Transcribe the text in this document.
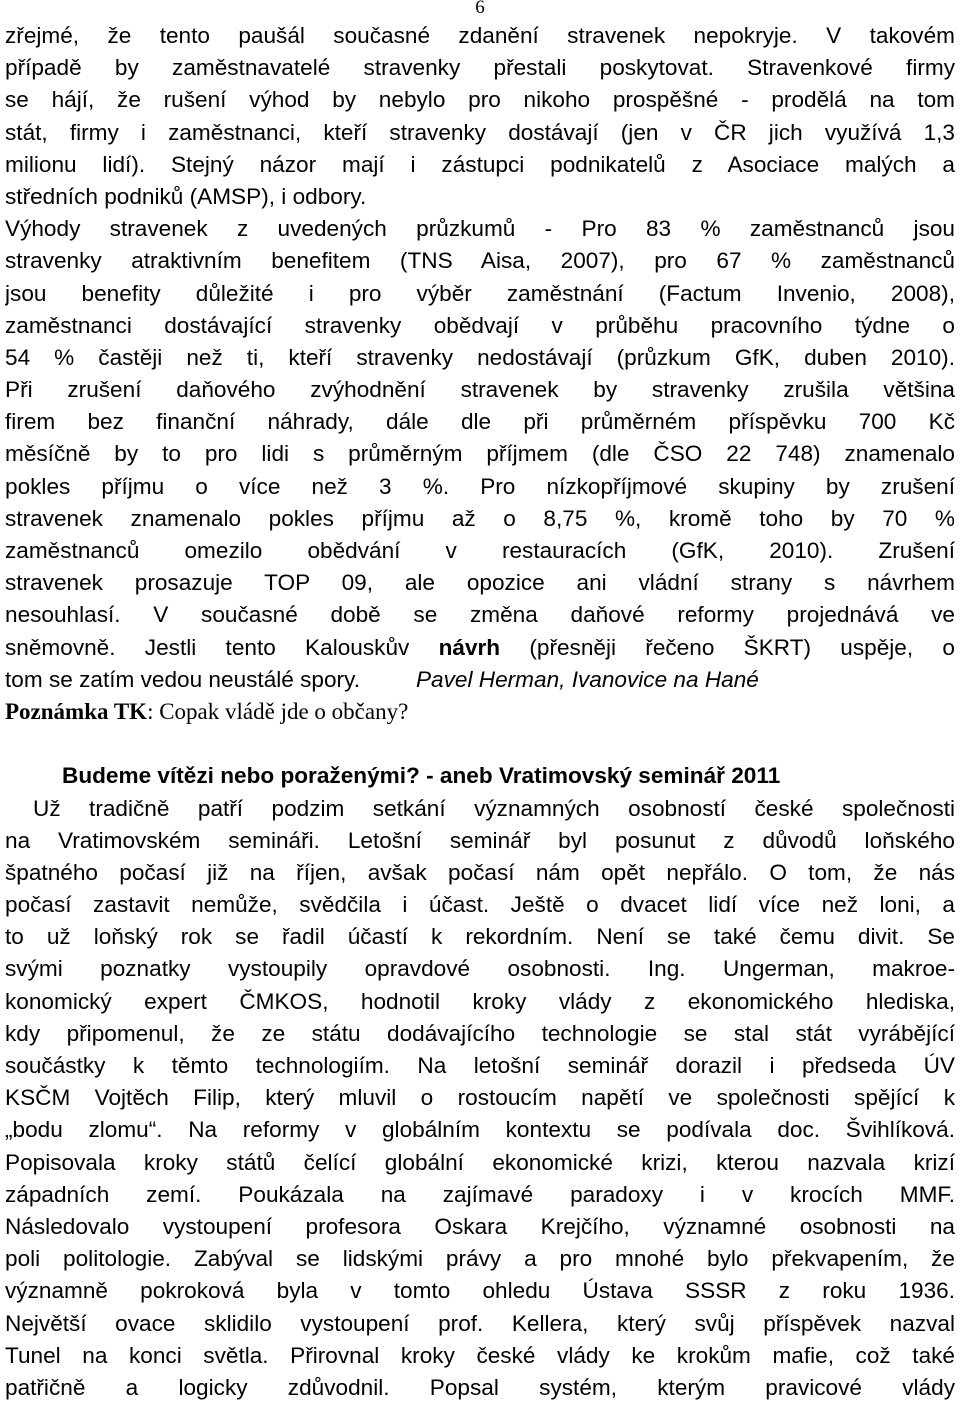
6
zřejmé, že tento paušál současné zdanění stravenek nepokryje. V takovém
případě by zaměstnavatelé stravenky přestali poskytovat. Stravenkové firmy
se hájí, že rušení výhod by nebylo pro nikoho prospěšné - prodělá na tom
stát, firmy i zaměstnanci, kteří stravenky dostávají (jen v ČR jich využívá 1,3
milionu lidí). Stejný názor mají i zástupci podnikatelů z Asociace malých a
středních podniků (AMSP), i odbory.
Výhody stravenek z uvedených průzkumů - Pro 83 % zaměstnanců jsou
stravenky atraktivním benefitem (TNS Aisa, 2007), pro 67 % zaměstnanců
jsou benefity důležité i pro výběr zaměstnání (Factum Invenio, 2008),
zaměstnanci dostávající stravenky obědvají v průběhu pracovního týdne o
54 % častěji než ti, kteří stravenky nedostávají (průzkum GfK, duben 2010).
Při zrušení daňového zvýhodnění stravenek by stravenky zrušila většina
firem bez finanční náhrady, dále dle při průměrném příspěvku 700 Kč
měsíčně by to pro lidi s průměrným příjmem (dle ČSO 22 748) znamenalo
pokles příjmu o více než 3 %. Pro nízkopříjmové skupiny by zrušení
stravenek znamenalo pokles příjmu až o 8,75 %, kromě toho by 70 %
zaměstnanců omezilo obědvání v restauracích (GfK, 2010). Zrušení
stravenek prosazuje TOP 09, ale opozice ani vládní strany s návrhem
nesouhlasí. V současné době se změna daňové reformy projednává ve
sněmovně. Jestli tento Kalouskův návrh (přesněji řečeno ŠKRT) uspěje, o
tom se zatím vedou neustálé spory. Pavel Herman, Ivanovice na Hané
Poznámka TK: Copak vládě jde o občany?
Budeme vítězi nebo poraženými? - aneb Vratimovský seminář 2011
Už tradičně patří podzim setkání významných osobností české společnosti
na Vratimovském semináři. Letošní seminář byl posunut z důvodů loňského
špatného počasí již na říjen, avšak počasí nám opět nepřálo. O tom, že nás
počasí zastavit nemůže, svědčila i účast. Ještě o dvacet lidí více než loni, a
to už loňský rok se řadil účastí k rekordním. Není se také čemu divit. Se
svými poznatky vystoupily opravdové osobnosti. Ing. Ungerman, makroe-
konomický expert ČMKOS, hodnotil kroky vlády z ekonomického hlediska,
kdy připomenul, že ze státu dodávajícího technologie se stal stát vyrábějící
součástky k těmto technologiím. Na letošní seminář dorazil i předseda ÚV
KSČM Vojtěch Filip, který mluvil o rostoucím napětí ve společnosti spějící k
„bodu zlomu“. Na reformy v globálním kontextu se podívala doc. Švihlíková.
Popisovala kroky států čelící globální ekonomické krizi, kterou nazvala krizí
západních zemí. Poukázala na zajímavé paradoxy i v krocích MMF.
Následovalo vystoupení profesora Oskara Krejčího, významné osobnosti na
poli politologie. Zabýval se lidskými právy a pro mnohé bylo překvapením, že
významně pokroková byla v tomto ohledu Ústava SSSR z roku 1936.
Největší ovace sklidilo vystoupení prof. Kellera, který svůj příspěvek nazval
Tunel na konci světla. Přirovnal kroky české vlády ke krokům mafie, což také
patřičně a logicky zdůvodnil. Popsal systém, kterým pravicové vlády
